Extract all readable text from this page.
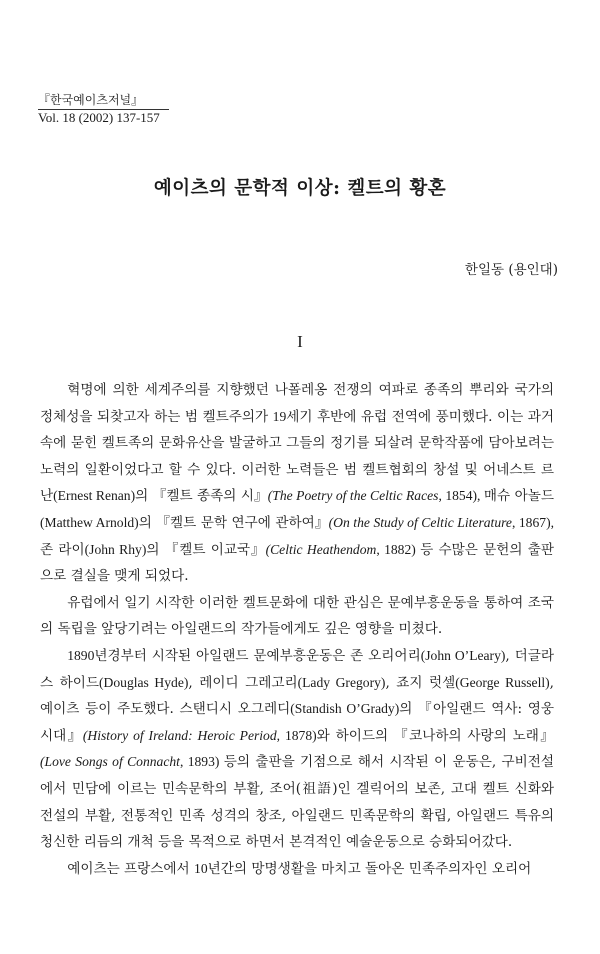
『한국예이츠저널』
Vol. 18 (2002) 137-157
예이츠의 문학적 이상: 켈트의 황혼
한일동 (용인대)
I

혁명에 의한 세계주의를 지향했던 나폴레옹 전쟁의 여파로 종족의 뿌리와 국가의 정체성을 되찾고자 하는 범 켈트주의가 19세기 후반에 유럽 전역에 풍미했다. 이는 과거 속에 묻힌 켈트족의 문화유산을 발굴하고 그들의 정기를 되살려 문학작품에 담아보려는 노력의 일환이었다고 할 수 있다. 이러한 노력들은 범 켈트협회의 창설 및 어네스트 르난(Ernest Renan)의 『켈트 종족의 시』(The Poetry of the Celtic Races, 1854), 매슈 아놀드(Matthew Arnold)의 『켈트 문학 연구에 관하여』(On the Study of Celtic Literature, 1867), 존 라이(John Rhy)의 『켈트 이교국』(Celtic Heathendom, 1882) 등 수많은 문헌의 출판으로 결실을 맺게 되었다.

유럽에서 일기 시작한 이러한 켈트문화에 대한 관심은 문예부흥운동을 통하여 조국의 독립을 앞당기려는 아일랜드의 작가들에게도 깊은 영향을 미쳤다.

1890년경부터 시작된 아일랜드 문예부흥운동은 존 오리어리(John O’Leary), 더글라스 하이드(Douglas Hyde), 레이디 그레고리(Lady Gregory), 죠지 럿셀(George Russell), 예이츠 등이 주도했다. 스탠디시 오그레디(Standish O’Grady)의 『아일랜드 역사: 영웅시대』(History of Ireland: Heroic Period, 1878)와 하이드의 『코나하의 사랑의 노래』(Love Songs of Connacht, 1893) 등의 출판을 기점으로 해서 시작된 이 운동은, 구비전설에서 민담에 이르는 민속문학의 부활, 조어(祖語)인 겔릭어의 보존, 고대 켈트 신화와 전설의 부활, 전통적인 민족 성격의 창조, 아일랜드 민족문학의 확립, 아일랜드 특유의 청신한 리듬의 개척 등을 목적으로 하면서 본격적인 예술운동으로 승화되어갔다.

예이츠는 프랑스에서 10년간의 망명생활을 마치고 돌아온 민족주의자인 오리어
